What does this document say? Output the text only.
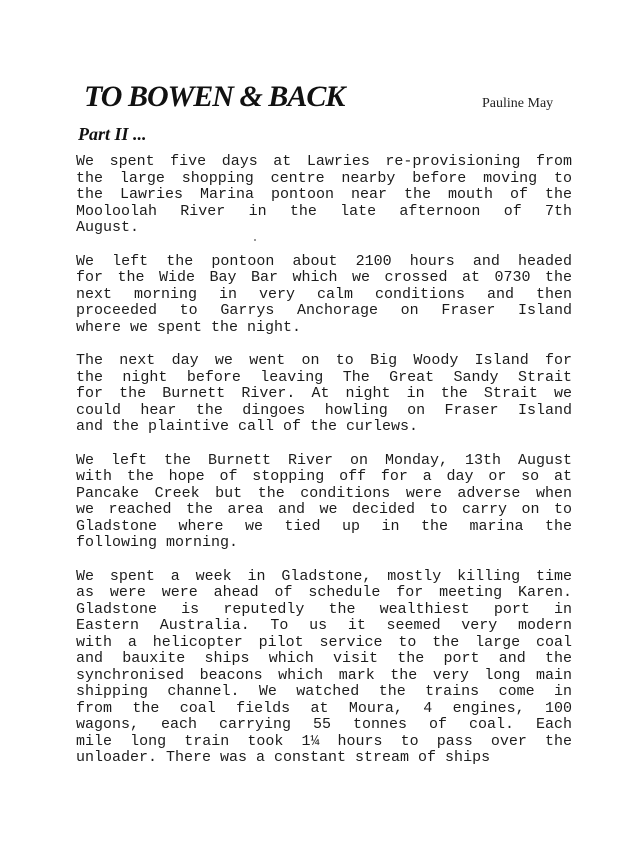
TO BOWEN & BACK	Pauline May
Part II ...
We spent five days at Lawries re-provisioning from
the large shopping centre nearby before moving to
the Lawries Marina pontoon near the mouth of the
Mooloolah River in the late afternoon of 7th
August.
We left the pontoon about 2100 hours and headed
for the Wide Bay Bar which we crossed at 0730 the
next morning in very calm conditions and then
proceeded to Garrys Anchorage on Fraser Island
where we spent the night.
The next day we went on to Big Woody Island for
the night before leaving The Great Sandy Strait
for the Burnett River. At night in the Strait we
could hear the dingoes howling on Fraser Island
and the plaintive call of the curlews.
We left the Burnett River on Monday, 13th August
with the hope of stopping off for a day or so at
Pancake Creek but the conditions were adverse when
we reached the area and we decided to carry on to
Gladstone where we tied up in the marina the
following morning.
We spent a week in Gladstone, mostly killing time
as were were ahead of schedule for meeting Karen.
Gladstone is reputedly the wealthiest port in
Eastern Australia. To us it seemed very modern
with a helicopter pilot service to the large coal
and bauxite ships which visit the port and the
synchronised beacons which mark the very long main
shipping channel. We watched the trains come in
from the coal fields at Moura, 4 engines, 100
wagons, each carrying 55 tonnes of coal. Each
mile long train took 1¼ hours to pass over the
unloader. There was a constant stream of ships
